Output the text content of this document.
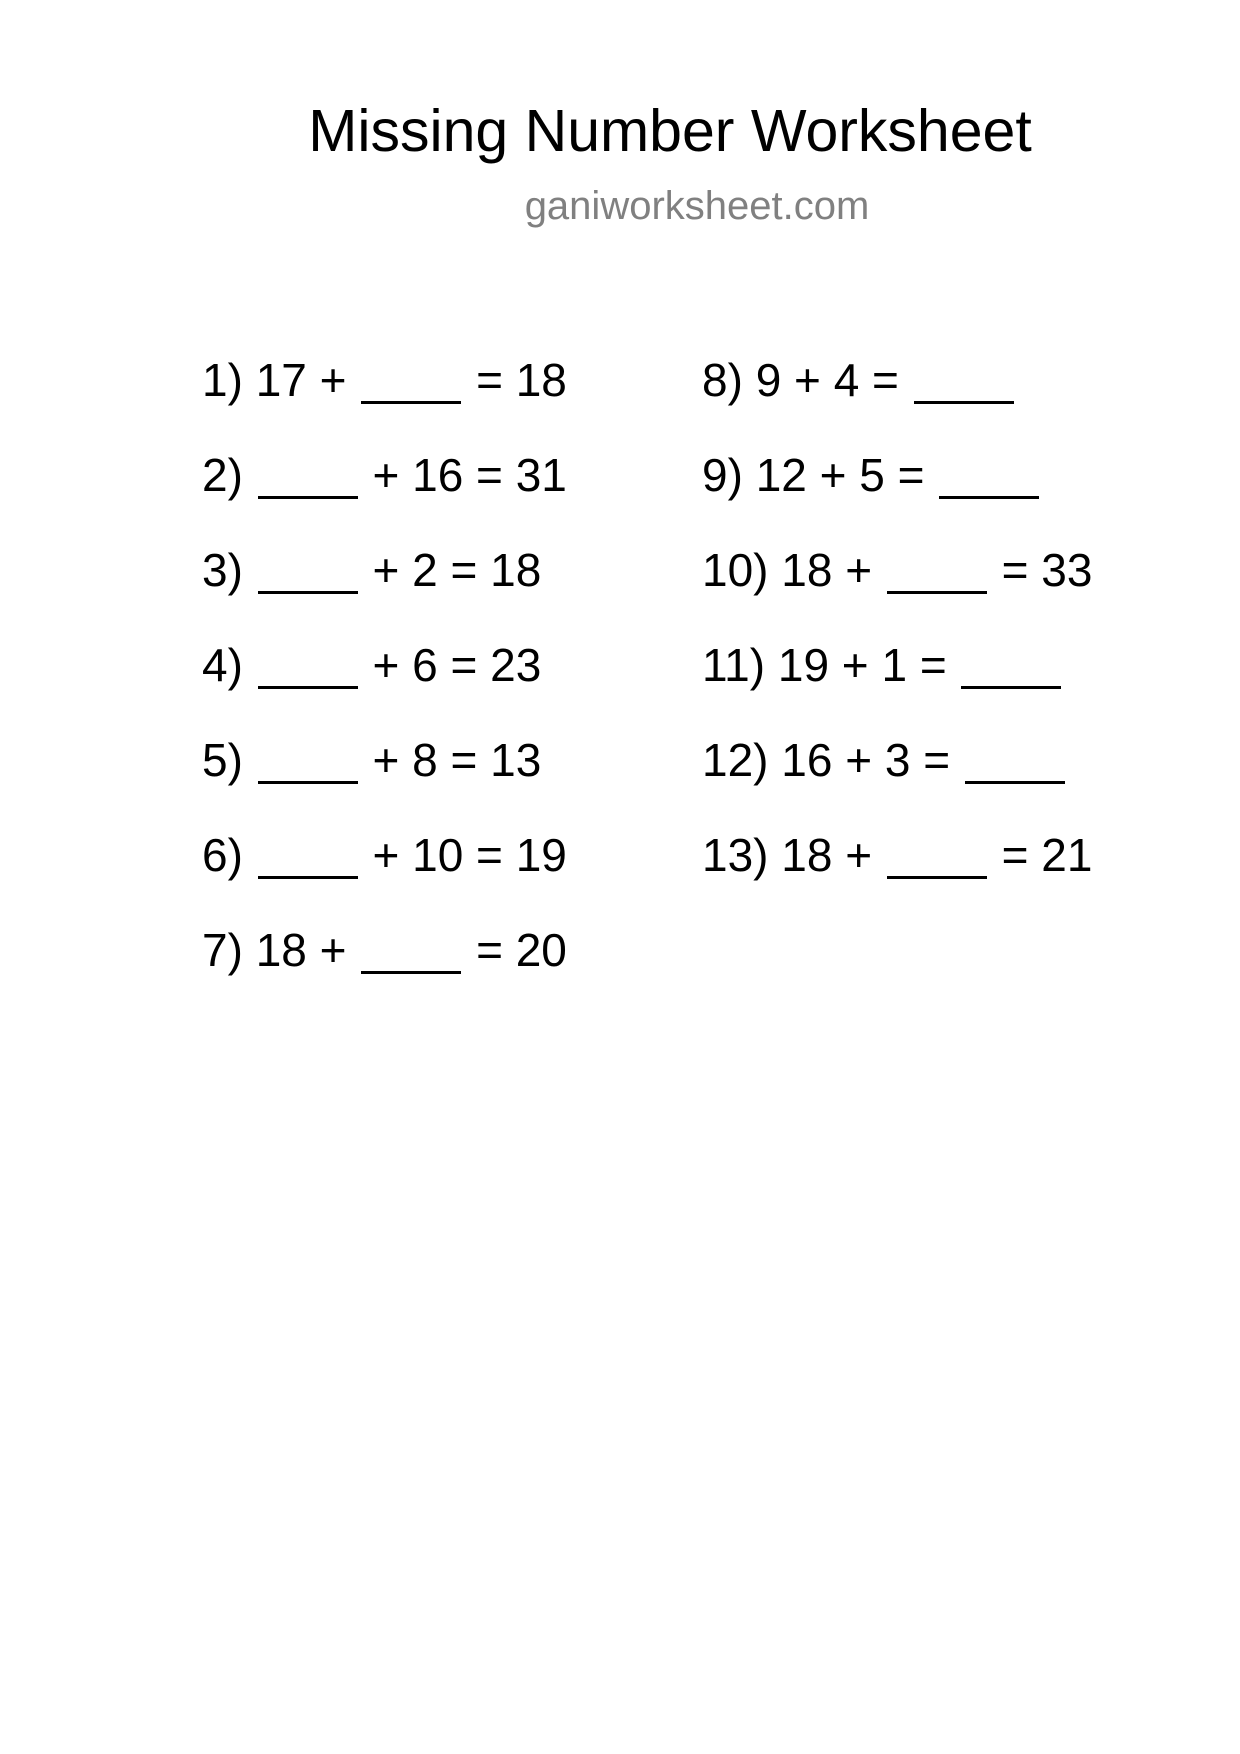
Missing Number Worksheet
ganiworksheet.com
1) 17 +	= 18
2)	+ 16 = 31
3)	+ 2 = 18
4)	+ 6 = 23
5)	+ 8 = 13
6)	+ 10 = 19
7) 18 +	= 20
8) 9 + 4 =
9) 12 + 5 =
10) 18 +	= 33
11) 19 + 1 =
12) 16 + 3 =
13) 18 +	= 21
